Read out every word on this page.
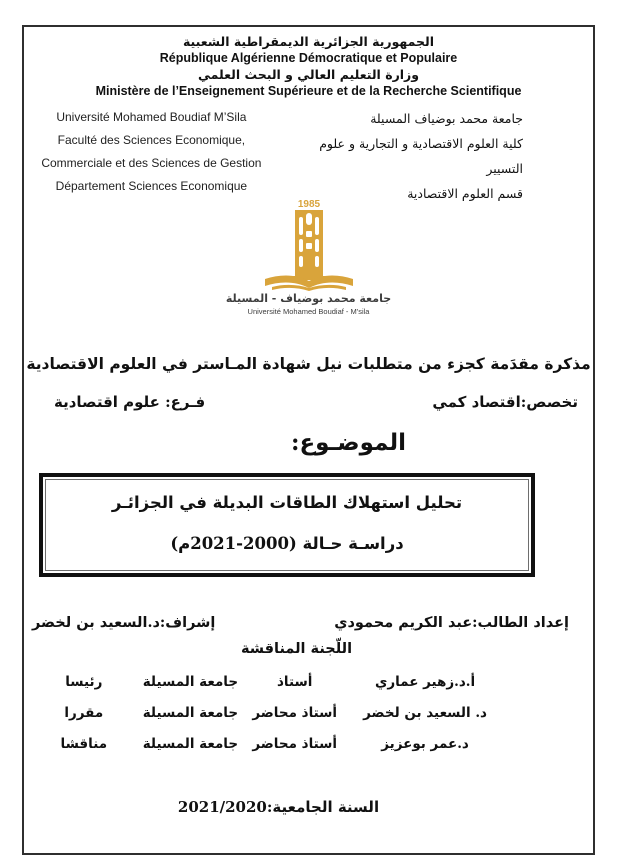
الجمهورية الجزائرية الديمقراطية الشعبية
République Algérienne Démocratique et Populaire
وزارة التعليم العالي و البحث العلمي
Ministère de l’Enseignement Supérieure et de la Recherche Scientifique
Université Mohamed Boudiaf M’Sila
Faculté des Sciences Economique,
Commerciale et des Sciences de Gestion
Département Sciences Economique
جامعة محمد بوضياف المسيلة
كلية العلوم الاقتصادية و التجارية و علوم التسيير
قسم العلوم الاقتصادية
1985
جامعة محمد بوضياف - المسيلة
Université Mohamed Boudiaf - M'sila
مذكرة مقدَمة كجزء من متطلبات نيل شهادة المـاستر في العلوم الاقتصادية
تخصص:اقتصاد كمي
فـرع: علوم اقتصادية
الموضـوع:
تحليل استهلاك الطاقات البديلة في الجزائـر
دراسـة حـالة (2000-2021م)
إعداد الطالب:عبد الكريم محمودي
إشراف:د.السعيد بن لخضر
اللّجنة المناقشة
أ.د.زهير عماري
أستاذ
جامعة المسيلة
رئيسا
د. السعيد بن لخضر
أستاذ محاضر
جامعة المسيلة
مقررا
د.عمر بوعزيز
أستاذ محاضر
جامعة المسيلة
مناقشا
السنة الجامعية:2021/2020
